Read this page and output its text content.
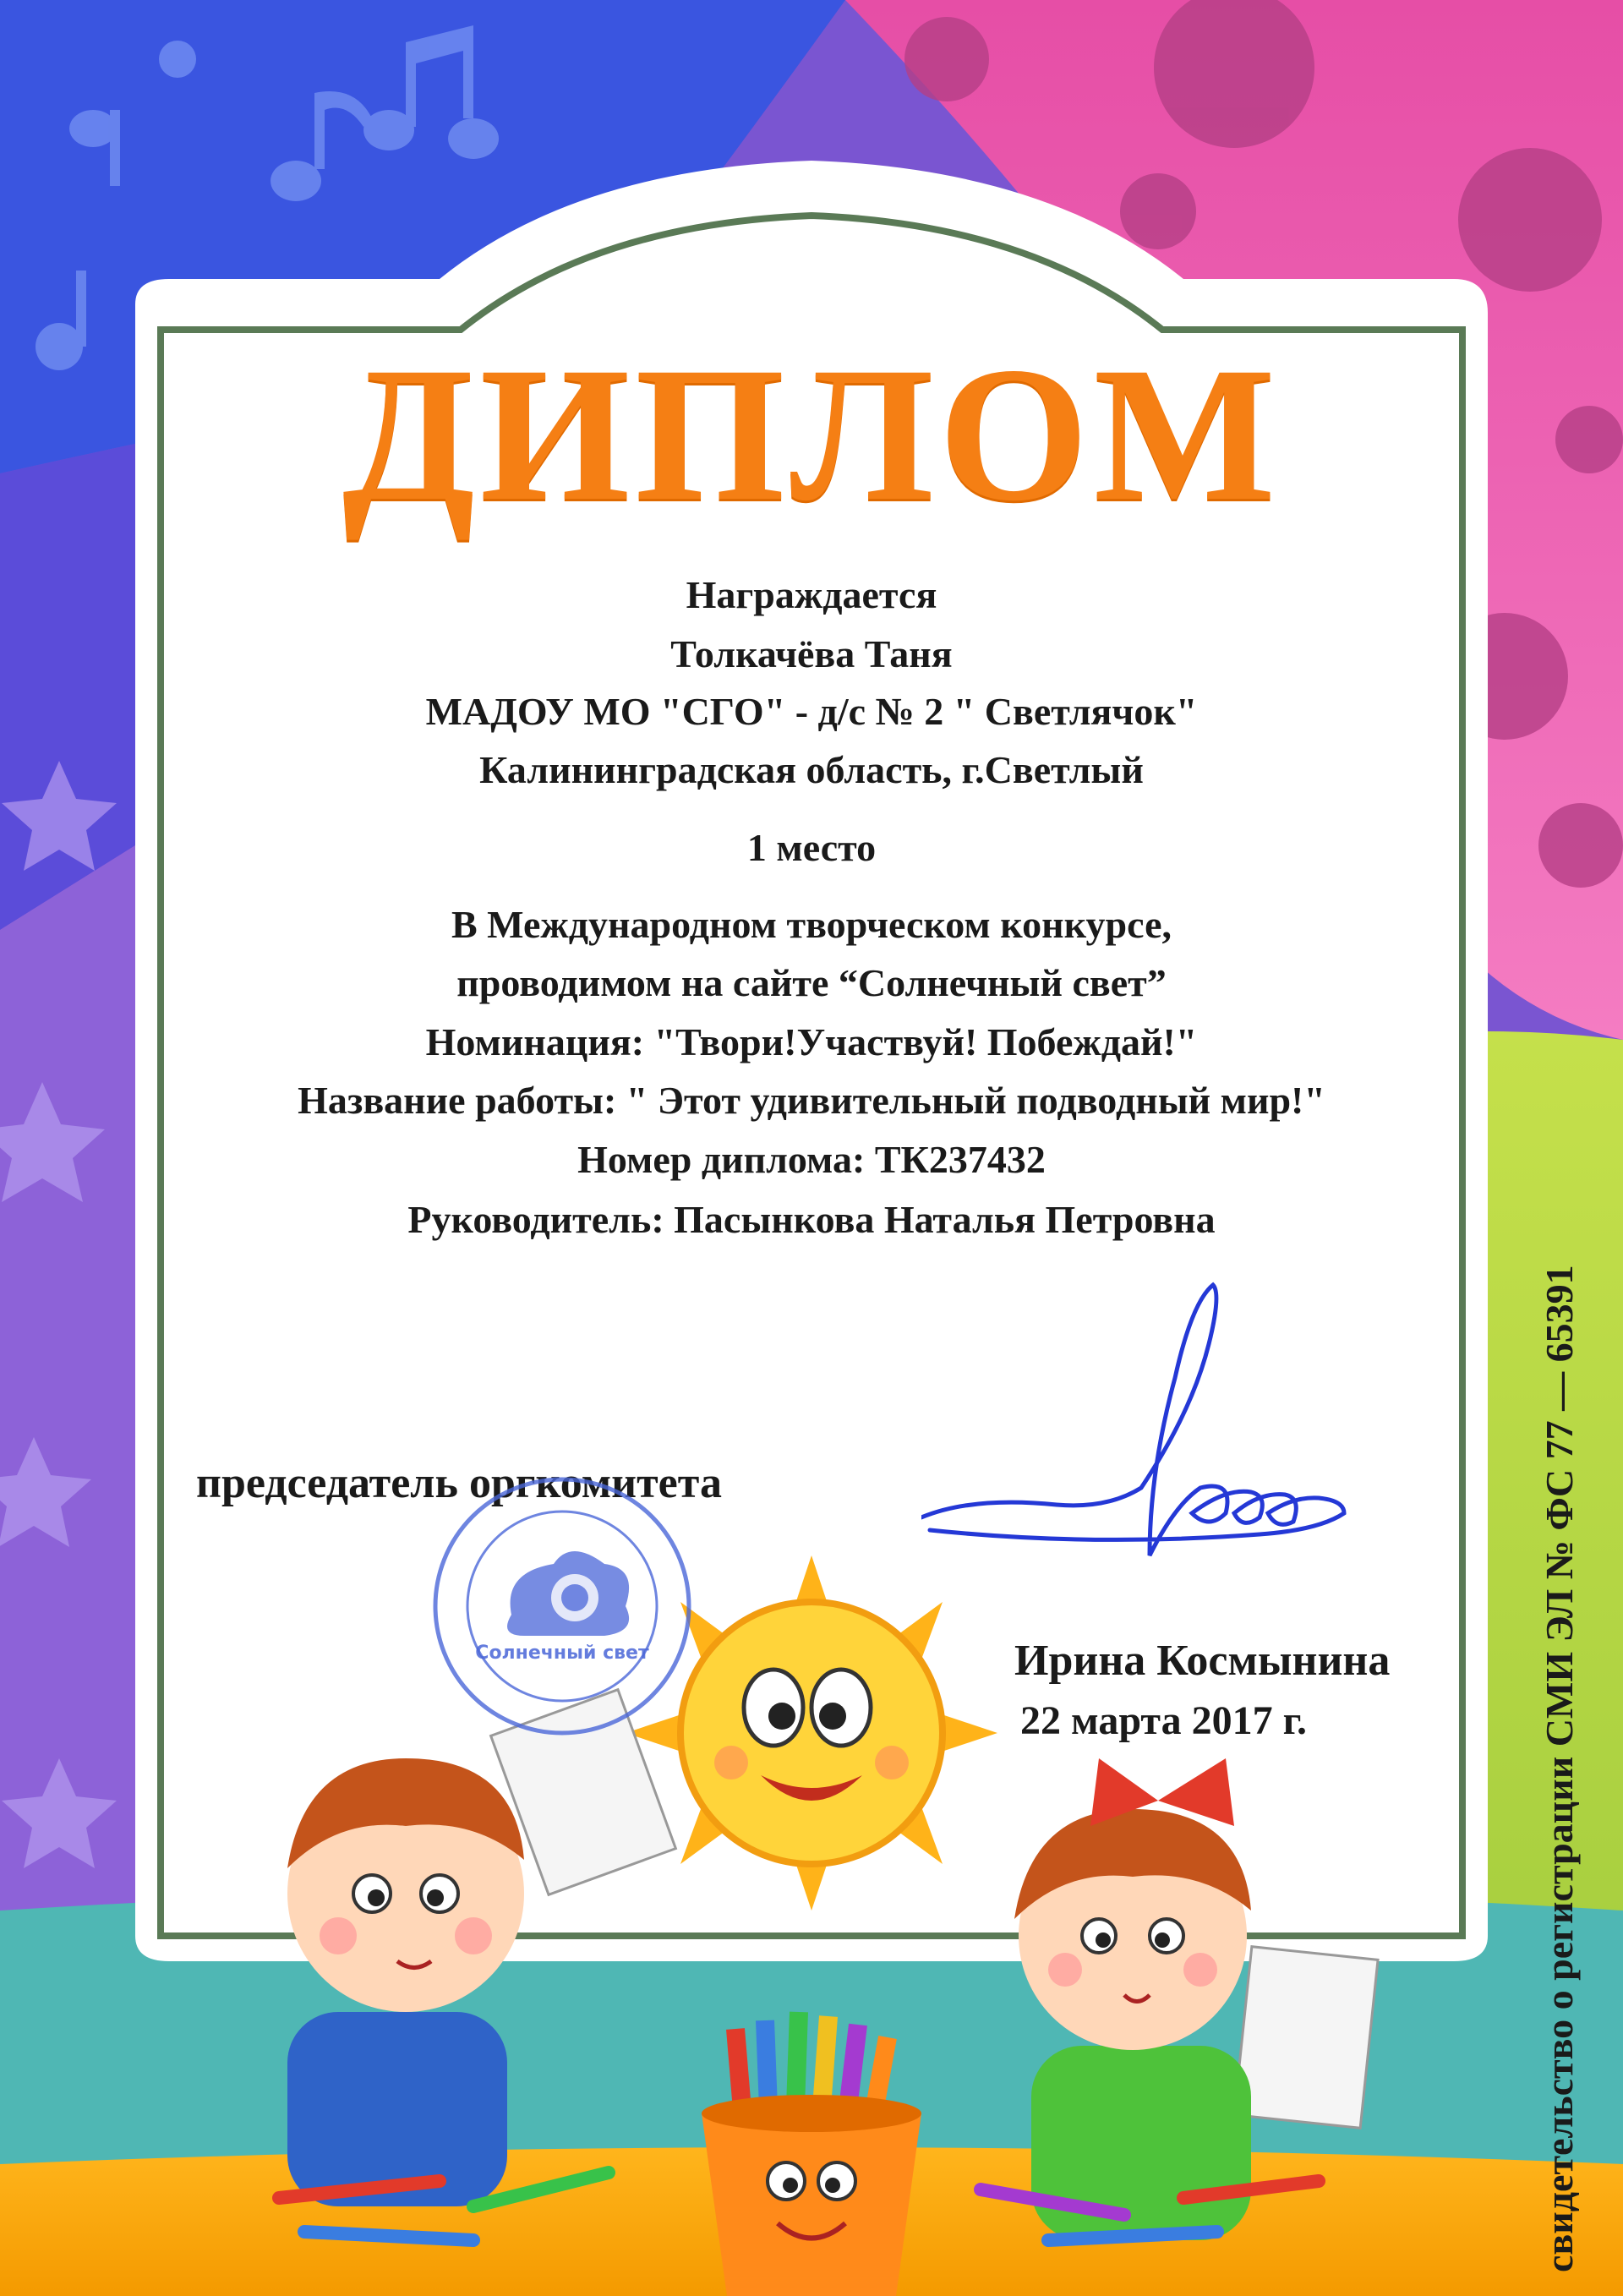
ДИПЛОМ
Награждается
Толкачёва Таня
МАДОУ МО "СГО" - д/с № 2 " Светлячок"
Калининградская область, г.Светлый
1 место
В Международном творческом конкурсе,
проводимом на сайте “Солнечный свет”
Номинация: "Твори!Участвуй! Побеждай!"
Название работы: " Этот удивительный подводный мир!"
Номер диплома: ТК237432
Руководитель: Пасынкова Наталья Петровна
председатель оргкомитета
Солнечный свет	Ирина Космынина
22 марта 2017 г.	свидетельство о регистрации СМИ ЭЛ № ФС 77 — 65391
